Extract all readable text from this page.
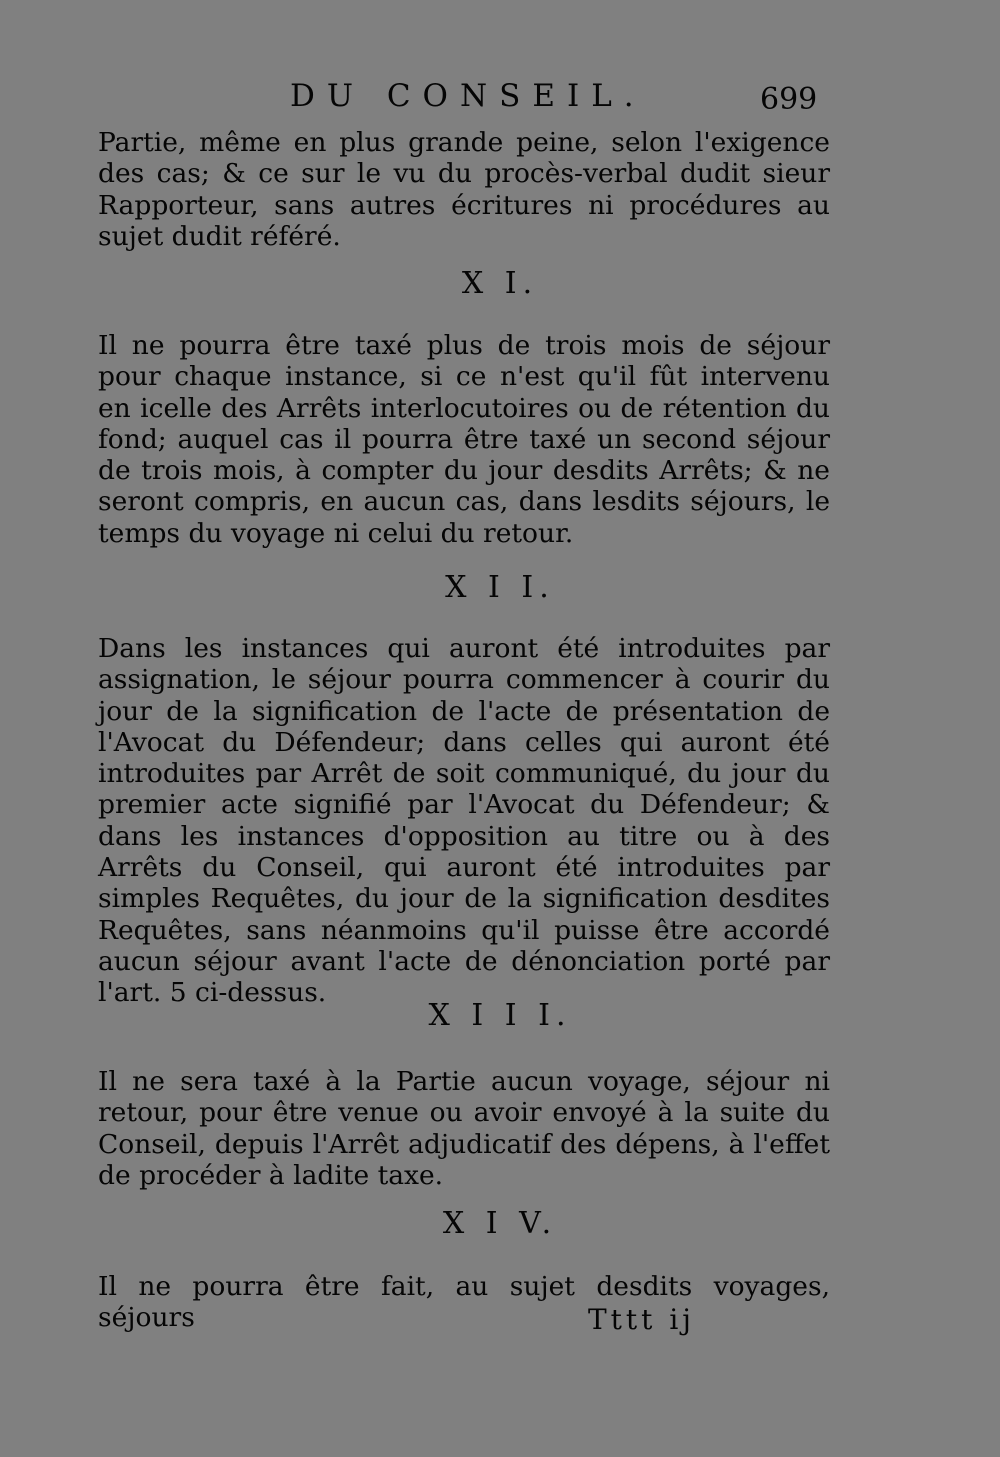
DU CONSEIL.	699

Partie, même en plus grande peine, selon l'exigence des cas; & ce sur le vu du procès-verbal dudit sieur Rapporteur, sans autres écritures ni procédures au sujet dudit référé.

X I.

Il ne pourra être taxé plus de trois mois de séjour pour chaque instance, si ce n'est qu'il fût intervenu en icelle des Arrêts interlocutoires ou de rétention du fond; auquel cas il pourra être taxé un second séjour de trois mois, à compter du jour desdits Arrêts; & ne seront compris, en aucun cas, dans lesdits séjours, le temps du voyage ni celui du retour.

X I I.

Dans les instances qui auront été introduites par assignation, le séjour pourra commencer à courir du jour de la signification de l'acte de présentation de l'Avocat du Défendeur; dans celles qui auront été introduites par Arrêt de soit communiqué, du jour du premier acte signifié par l'Avocat du Défendeur; & dans les instances d'opposition au titre ou à des Arrêts du Conseil, qui auront été introduites par simples Requêtes, du jour de la signification desdites Requêtes, sans néanmoins qu'il puisse être accordé aucun séjour avant l'acte de dénonciation porté par l'art. 5 ci-dessus.

X I I I.

Il ne sera taxé à la Partie aucun voyage, séjour ni retour, pour être venue ou avoir envoyé à la suite du Conseil, depuis l'Arrêt adjudicatif des dépens, à l'effet de procéder à ladite taxe.

X I V.

Il ne pourra être fait, au sujet desdits voyages, séjours	Tttt ij
